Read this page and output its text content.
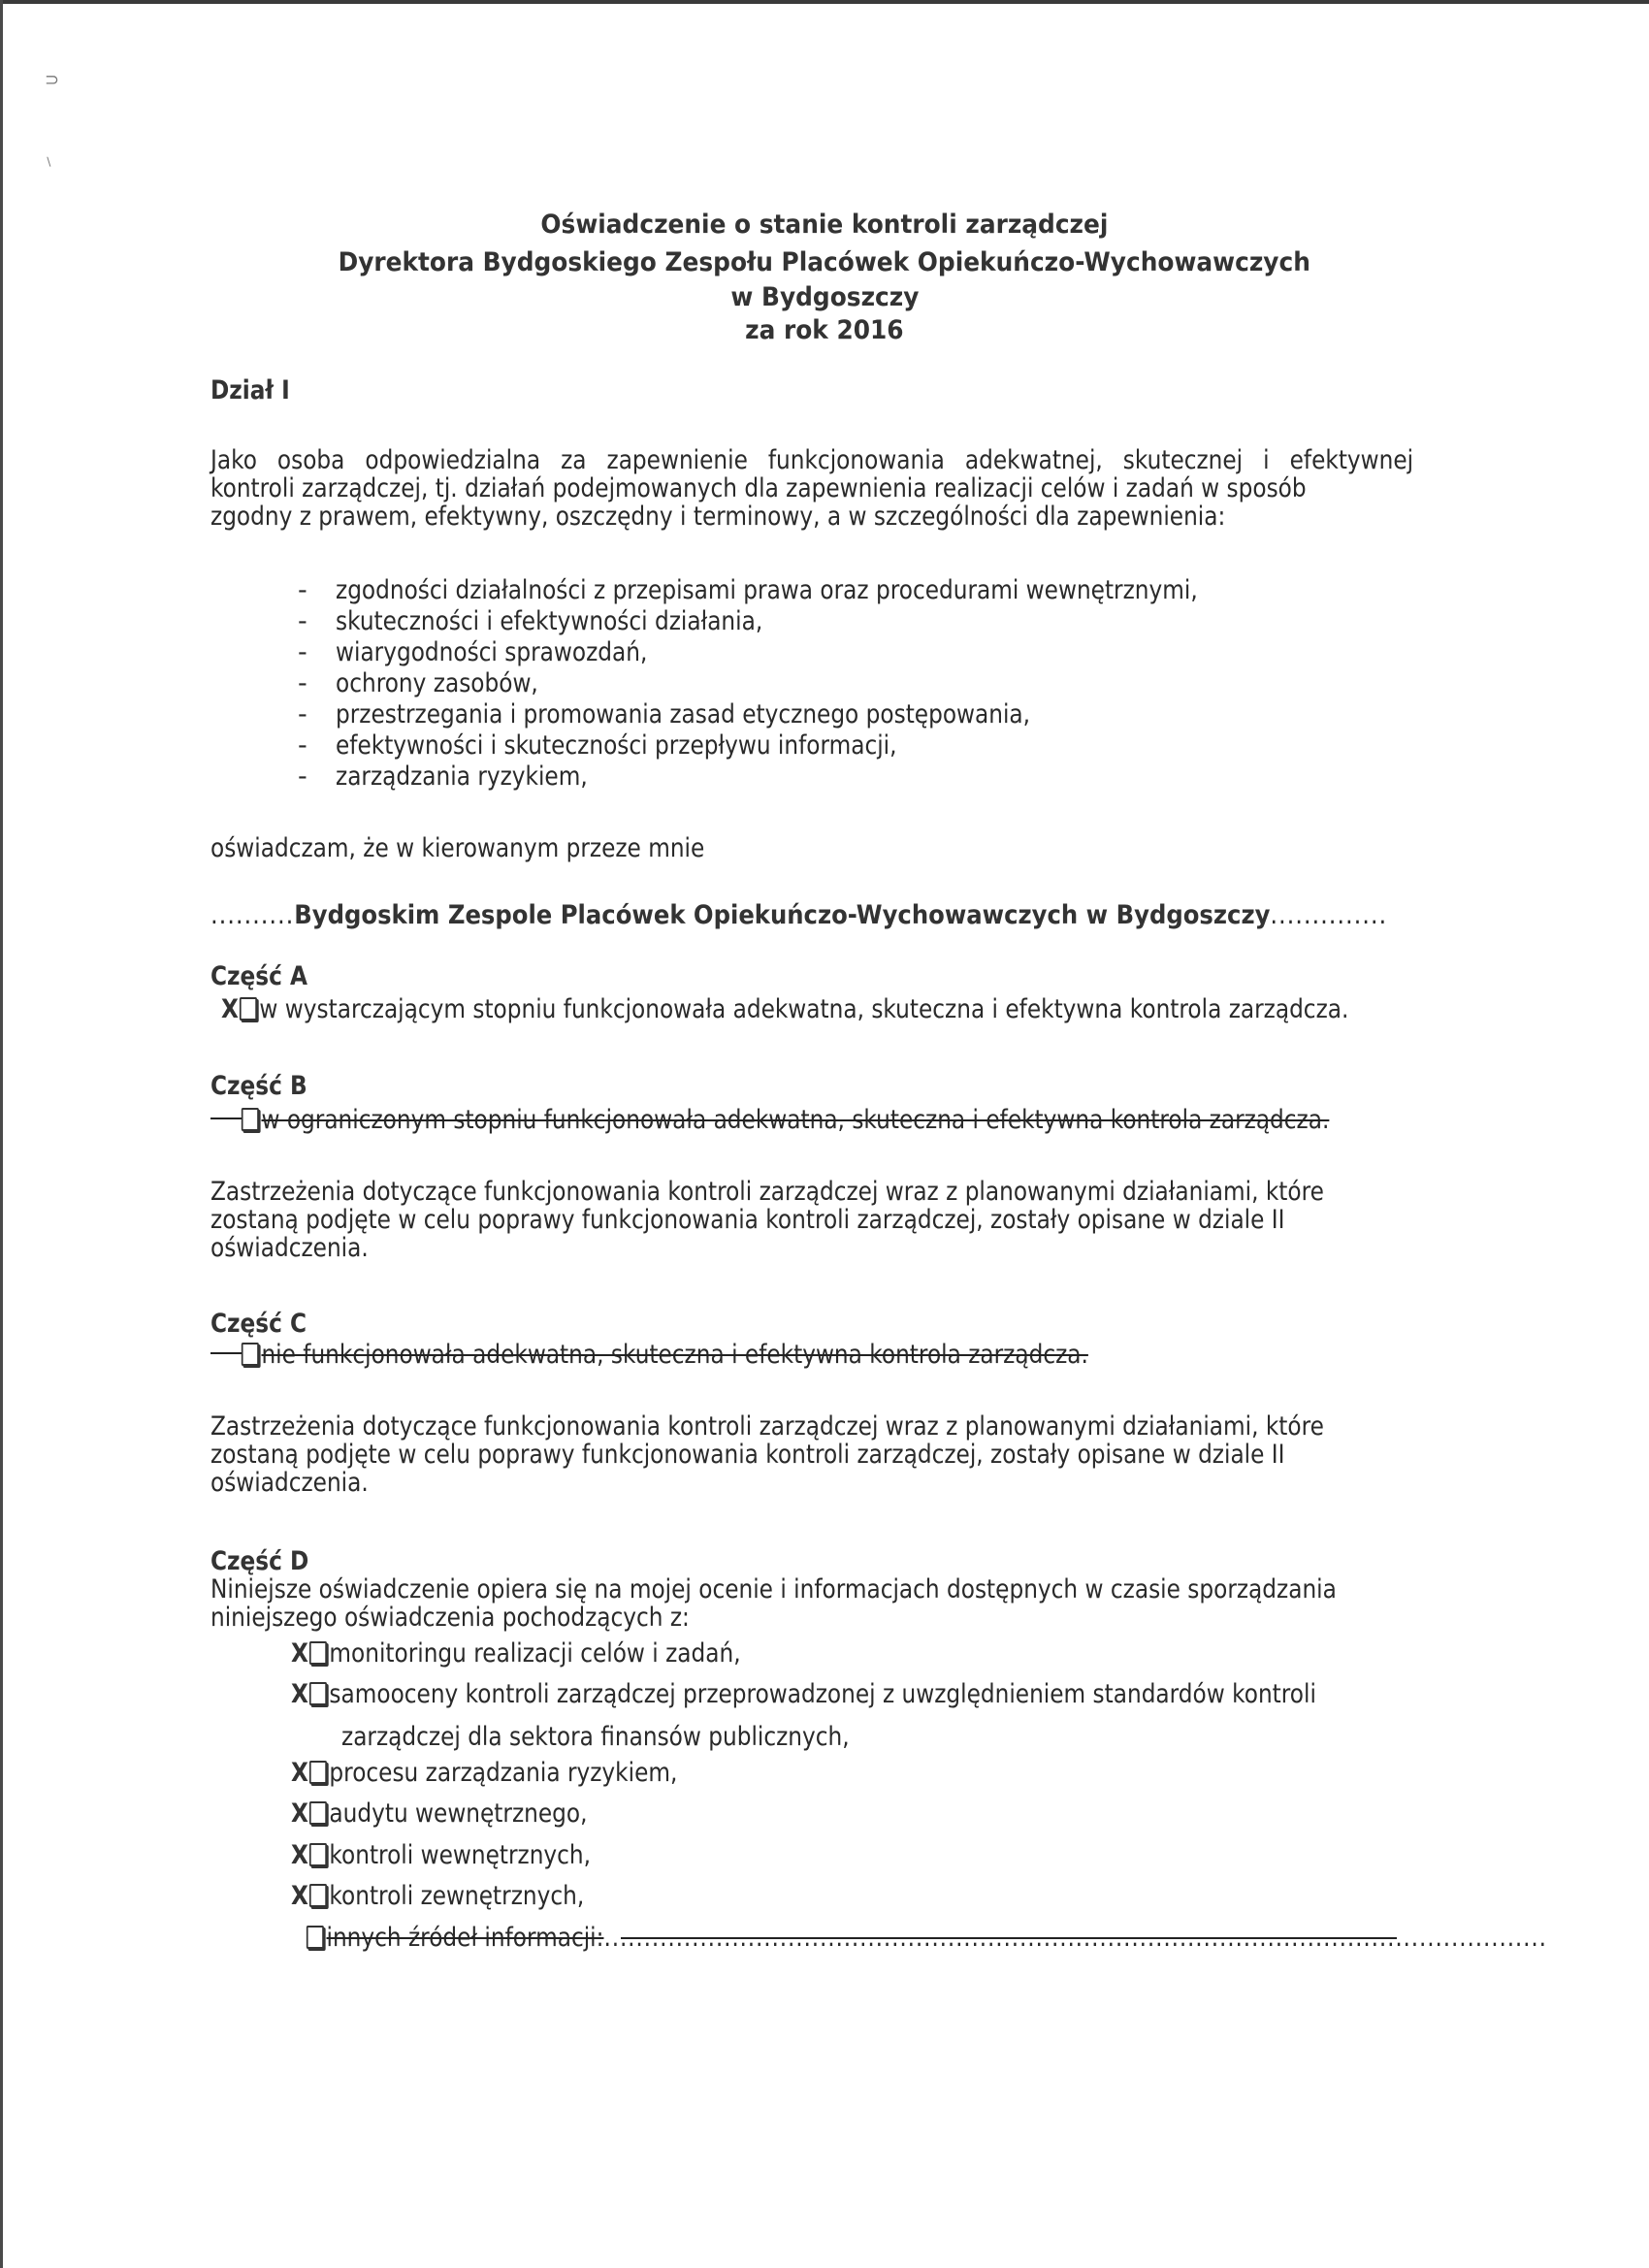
⊃
∖
Oświadczenie o stanie kontroli zarządczej
Dyrektora Bydgoskiego Zespołu Placówek Opiekuńczo-Wychowawczych
w Bydgoszczy
za rok 2016
Dział I
Jako osoba odpowiedzialna za zapewnienie funkcjonowania adekwatnej, skutecznej i efektywnej
kontroli zarządczej, tj. działań podejmowanych dla zapewnienia realizacji celów i zadań w sposób
zgodny z prawem, efektywny, oszczędny i terminowy, a w szczególności dla zapewnienia:
- zgodności działalności z przepisami prawa oraz procedurami wewnętrznymi,
- skuteczności i efektywności działania,
- wiarygodności sprawozdań,
- ochrony zasobów,
- przestrzegania i promowania zasad etycznego postępowania,
- efektywności i skuteczności przepływu informacji,
- zarządzania ryzykiem,
oświadczam, że w kierowanym przeze mnie
..........Bydgoskim Zespole Placówek Opiekuńczo-Wychowawczych w Bydgoszczy..............
Część A
X w wystarczającym stopniu funkcjonowała adekwatna, skuteczna i efektywna kontrola zarządcza.
Część B
w ograniczonym stopniu funkcjonowała adekwatna, skuteczna i efektywna kontrola zarządcza.
Zastrzeżenia dotyczące funkcjonowania kontroli zarządczej wraz z planowanymi działaniami, które
zostaną podjęte w celu poprawy funkcjonowania kontroli zarządczej, zostały opisane w dziale II
oświadczenia.
Część C
nie funkcjonowała adekwatna, skuteczna i efektywna kontrola zarządcza.
Zastrzeżenia dotyczące funkcjonowania kontroli zarządczej wraz z planowanymi działaniami, które
zostaną podjęte w celu poprawy funkcjonowania kontroli zarządczej, zostały opisane w dziale II
oświadczenia.
Część D
Niniejsze oświadczenie opiera się na mojej ocenie i informacjach dostępnych w czasie sporządzania
niniejszego oświadczenia pochodzących z:
X monitoringu realizacji celów i zadań,
X samooceny kontroli zarządczej przeprowadzonej z uwzględnieniem standardów kontroli
zarządczej dla sektora finansów publicznych,
X procesu zarządzania ryzykiem,
X audytu wewnętrznego,
X kontroli wewnętrznych,
X kontroli zewnętrznych,
innych źródeł informacji:......................................................................................................................
